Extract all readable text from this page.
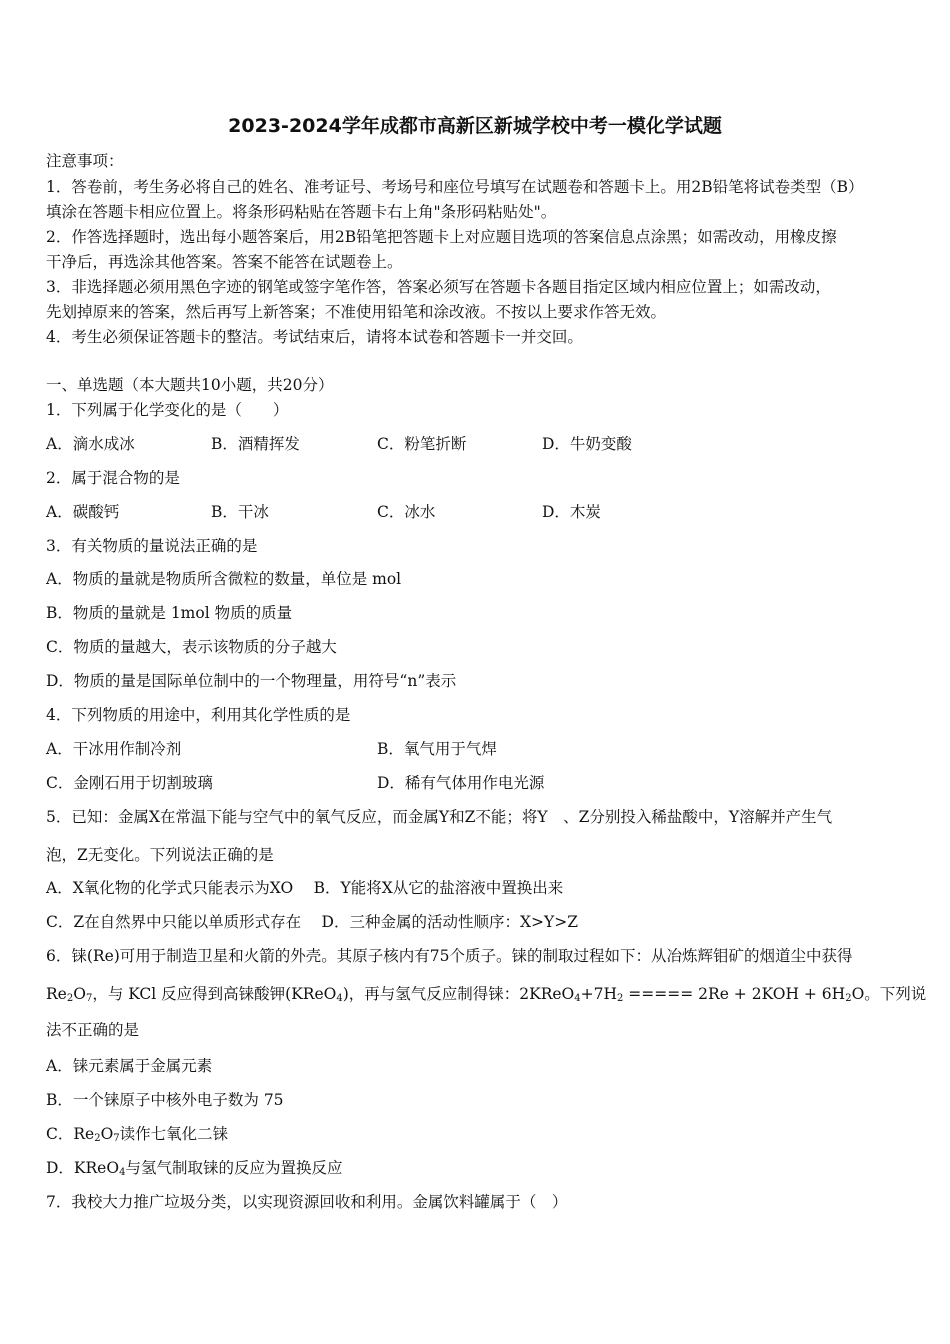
2023-2024学年成都市高新区新城学校中考一模化学试题
注意事项：
1．答卷前，考生务必将自己的姓名、准考证号、考场号和座位号填写在试题卷和答题卡上。用2B铅笔将试卷类型（B）
填涂在答题卡相应位置上。将条形码粘贴在答题卡右上角"条形码粘贴处"。
2．作答选择题时，选出每小题答案后，用2B铅笔把答题卡上对应题目选项的答案信息点涂黑；如需改动，用橡皮擦
干净后，再选涂其他答案。答案不能答在试题卷上。
3．非选择题必须用黑色字迹的钢笔或签字笔作答，答案必须写在答题卡各题目指定区域内相应位置上；如需改动，
先划掉原来的答案，然后再写上新答案；不准使用铅笔和涂改液。不按以上要求作答无效。
4．考生必须保证答题卡的整洁。考试结束后，请将本试卷和答题卡一并交回。
一、单选题（本大题共10小题，共20分）
1．下列属于化学变化的是（　　）
A．滴水成冰	B．酒精挥发	C．粉笔折断	D．牛奶变酸
2．属于混合物的是
A．碳酸钙	B．干冰	C．冰水	D．木炭
3．有关物质的量说法正确的是
A．物质的量就是物质所含微粒的数量，单位是 mol
B．物质的量就是 1mol 物质的质量
C．物质的量越大，表示该物质的分子越大
D．物质的量是国际单位制中的一个物理量，用符号“n”表示
4．下列物质的用途中，利用其化学性质的是
A．干冰用作制冷剂	B．氧气用于气焊
C．金刚石用于切割玻璃	D．稀有气体用作电光源
5．已知：金属X在常温下能与空气中的氧气反应，而金属Y和Z不能；将Y　、Z分别投入稀盐酸中，Y溶解并产生气
泡，Z无变化。下列说法正确的是
A．X氧化物的化学式只能表示为XO　 B．Y能将X从它的盐溶液中置换出来
C．Z在自然界中只能以单质形式存在　 D．三种金属的活动性顺序：X>Y>Z
6．铼(Re)可用于制造卫星和火箭的外壳。其原子核内有75个质子。铼的制取过程如下：从冶炼辉钼矿的烟道尘中获得
$Re_2O_7$，与 KCl 反应得到高铼酸钾(KReO$_4$)，再与氢气反应制得铼：$2KReO_4+7H_2$ ===== $2Re + 2KOH + 6H_2O$。下列说
法不正确的是
A．铼元素属于金属元素
B．一个铼原子中核外电子数为 75
C．$Re_2O_7$读作七氧化二铼
D．KReO$_4$与氢气制取铼的反应为置换反应
7．我校大力推广垃圾分类，以实现资源回收和利用。金属饮料罐属于（　）
